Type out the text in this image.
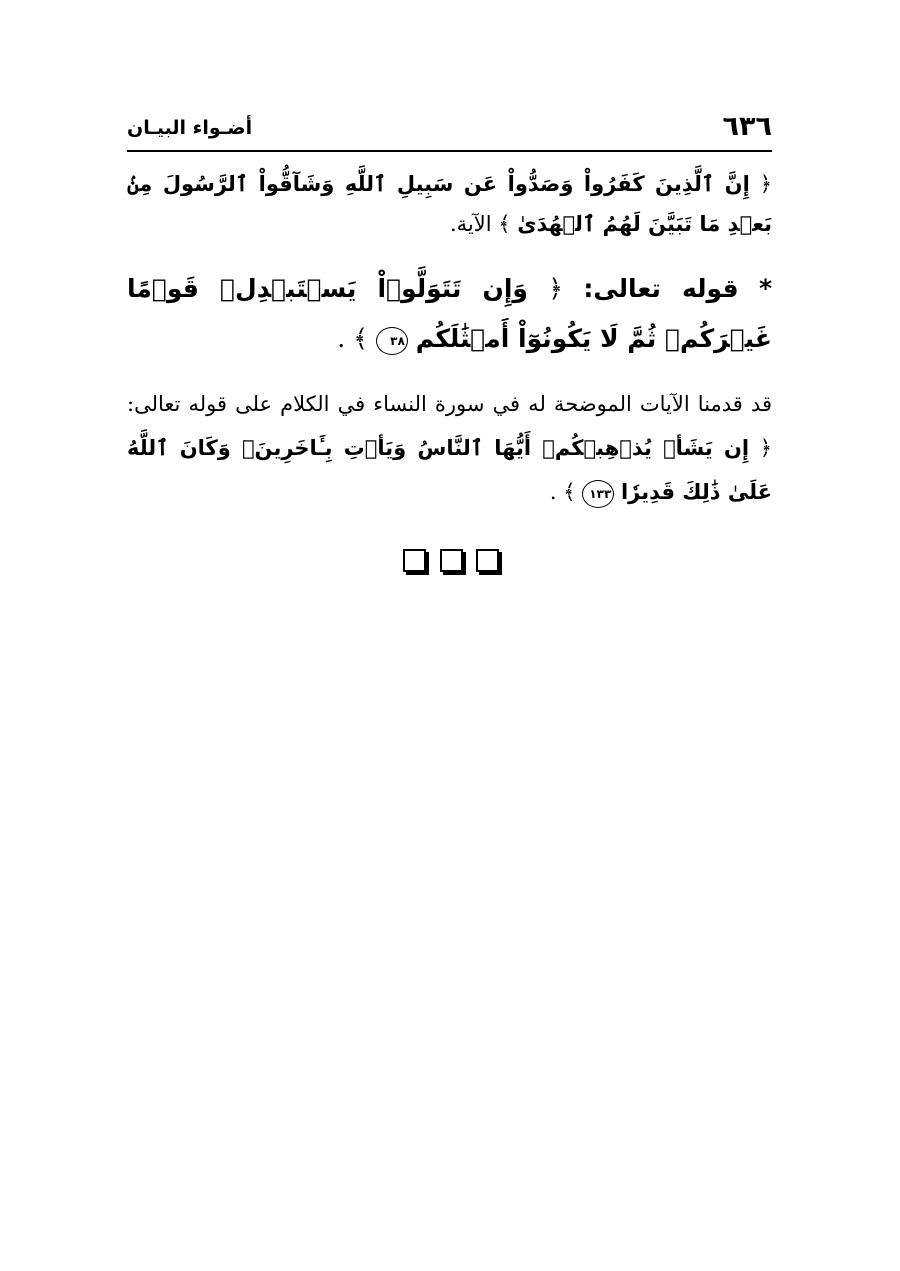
٦٣٦
أضـواء البيـان

﴿ إِنَّ ٱلَّذِينَ كَفَرُواْ وَصَدُّواْ عَن سَبِيلِ ٱللَّهِ وَشَآقُّواْ ٱلرَّسُولَ مِنۢ بَعۡدِ مَا تَبَيَّنَ لَهُمُ ٱلۡهُدَىٰ ﴾ الآية.

* قوله تعالى: ﴿ وَإِن تَتَوَلَّوۡاْ يَسۡتَبۡدِلۡ قَوۡمًا غَيۡرَكُمۡ ثُمَّ لَا يَكُونُوٓاْ أَمۡثَٰلَكُم ٣٨ ﴾ .

قد قدمنا الآيات الموضحة له في سورة النساء في الكلام على قوله تعالى: ﴿ إِن يَشَأۡ يُذۡهِبۡكُمۡ أَيُّهَا ٱلنَّاسُ وَيَأۡتِ بِـَٔاخَرِينَۚ وَكَانَ ٱللَّهُ عَلَىٰ ذَٰلِكَ قَدِيرٗا ١٣٣ ﴾ .
